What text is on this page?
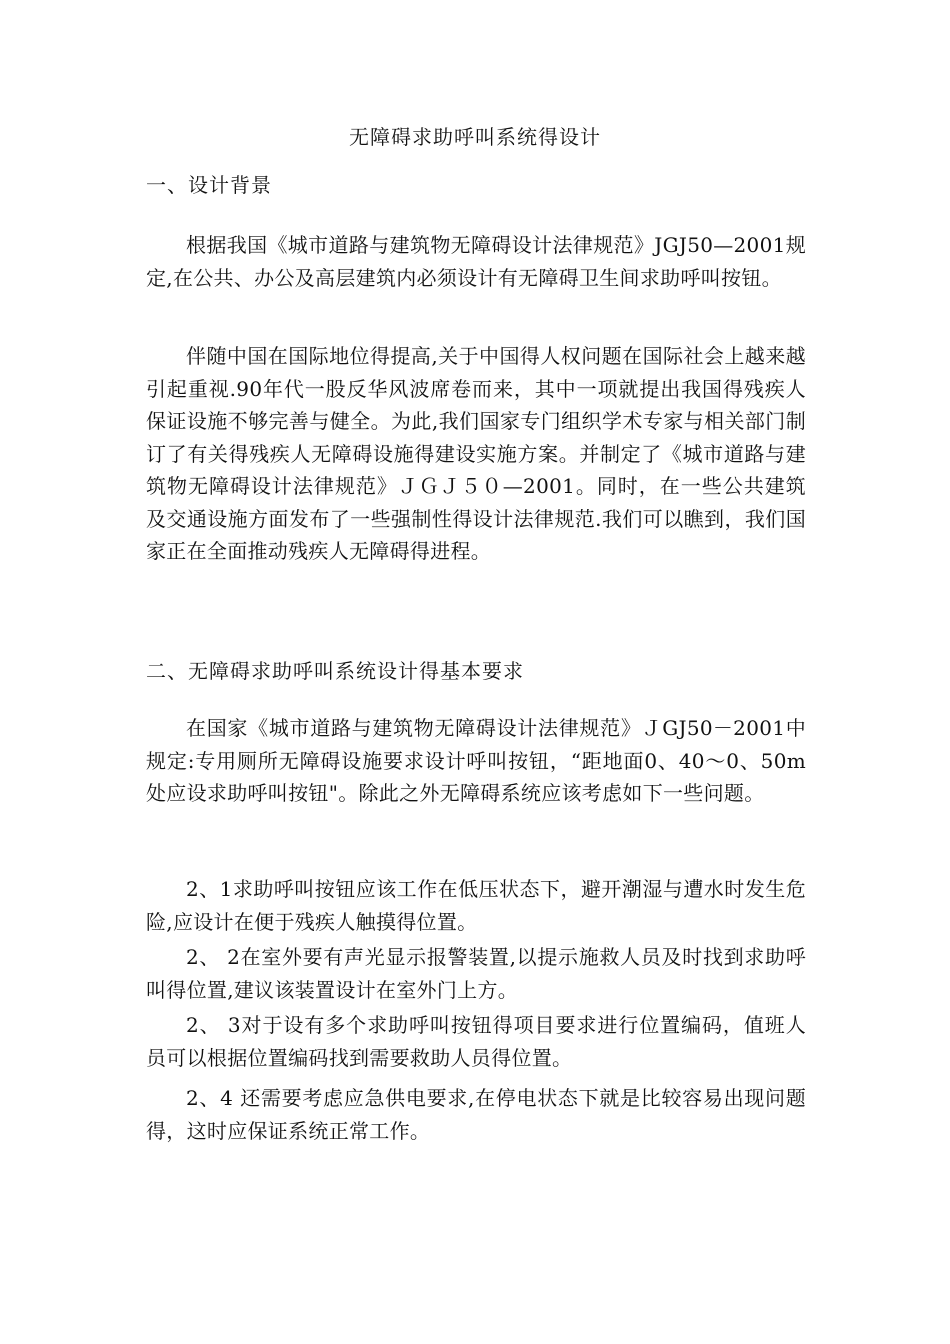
无障碍求助呼叫系统得设计
一、设计背景

根据我国《城市道路与建筑物无障碍设计法律规范》JGJ50—2001规定,在公共、办公及高层建筑内必须设计有无障碍卫生间求助呼叫按钮。

伴随中国在国际地位得提高,关于中国得人权问题在国际社会上越来越引起重视.90年代一股反华风波席卷而来，其中一项就提出我国得残疾人保证设施不够完善与健全。为此,我们国家专门组织学术专家与相关部门制订了有关得残疾人无障碍设施得建设实施方案。并制定了《城市道路与建筑物无障碍设计法律规范》ＪＧＪ５０—2001。同时，在一些公共建筑及交通设施方面发布了一些强制性得设计法律规范.我们可以瞧到，我们国家正在全面推动残疾人无障碍得进程。

二、无障碍求助呼叫系统设计得基本要求

在国家《城市道路与建筑物无障碍设计法律规范》ＪGJ50－2001中规定:专用厕所无障碍设施要求设计呼叫按钮，“距地面0、40～0、50m处应设求助呼叫按钮"。除此之外无障碍系统应该考虑如下一些问题。

2、1求助呼叫按钮应该工作在低压状态下，避开潮湿与遭水时发生危险,应设计在便于残疾人触摸得位置。

2、 2在室外要有声光显示报警装置,以提示施救人员及时找到求助呼叫得位置,建议该装置设计在室外门上方。

2、 3对于设有多个求助呼叫按钮得项目要求进行位置编码，值班人员可以根据位置编码找到需要救助人员得位置。

2、4 还需要考虑应急供电要求,在停电状态下就是比较容易出现问题得，这时应保证系统正常工作。
